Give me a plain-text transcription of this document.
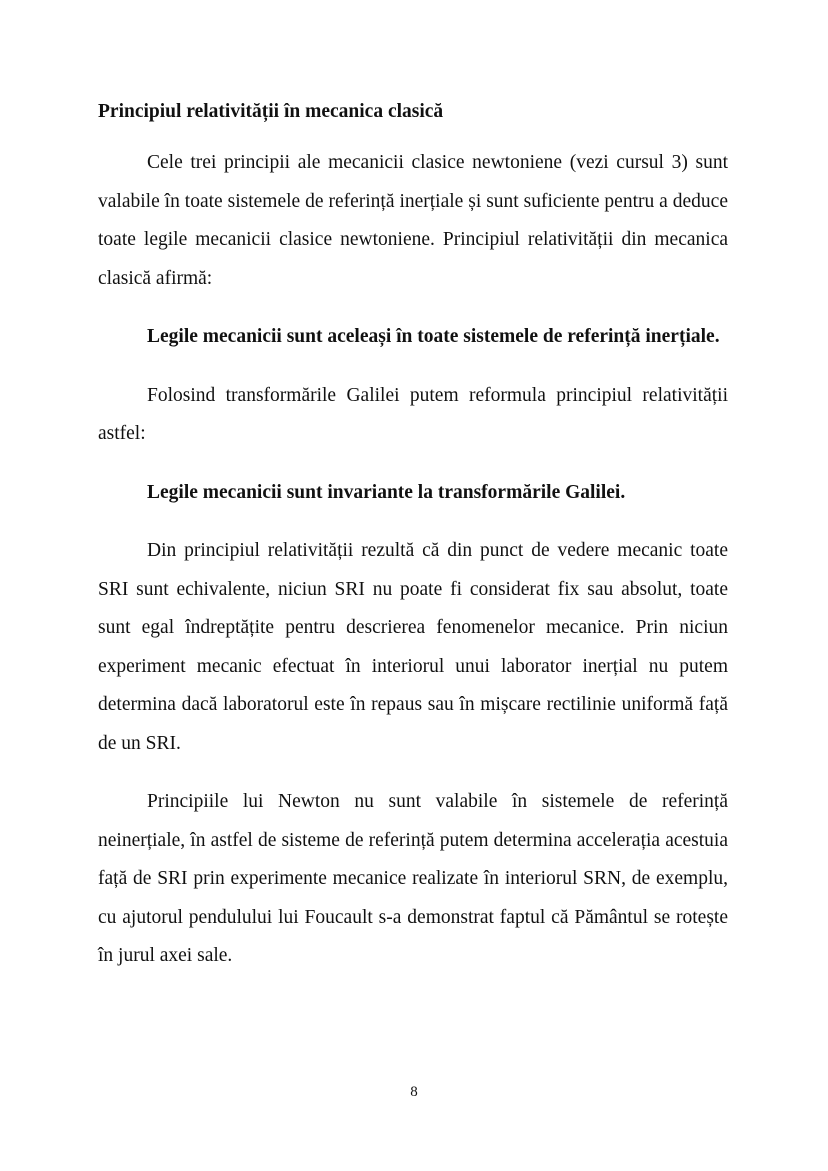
Principiul relativității în mecanica clasică

Cele trei principii ale mecanicii clasice newtoniene (vezi cursul 3) sunt valabile în toate sistemele de referință inerțiale și sunt suficiente pentru a deduce toate legile mecanicii clasice newtoniene. Principiul relativității din mecanica clasică afirmă:

Legile mecanicii sunt aceleași în toate sistemele de referință inerțiale.

Folosind transformările Galilei putem reformula principiul relativității astfel:

Legile mecanicii sunt invariante la transformările Galilei.

Din principiul relativității rezultă că din punct de vedere mecanic toate SRI sunt echivalente, niciun SRI nu poate fi considerat fix sau absolut, toate sunt egal îndreptățite pentru descrierea fenomenelor mecanice. Prin niciun experiment mecanic efectuat în interiorul unui laborator inerțial nu putem determina dacă laboratorul este în repaus sau în mișcare rectilinie uniformă față de un SRI.

Principiile lui Newton nu sunt valabile în sistemele de referință neinerțiale, în astfel de sisteme de referință putem determina accelerația acestuia față de SRI prin experimente mecanice realizate în interiorul SRN, de exemplu, cu ajutorul pendulului lui Foucault s-a demonstrat faptul că Pământul se rotește în jurul axei sale.

8
